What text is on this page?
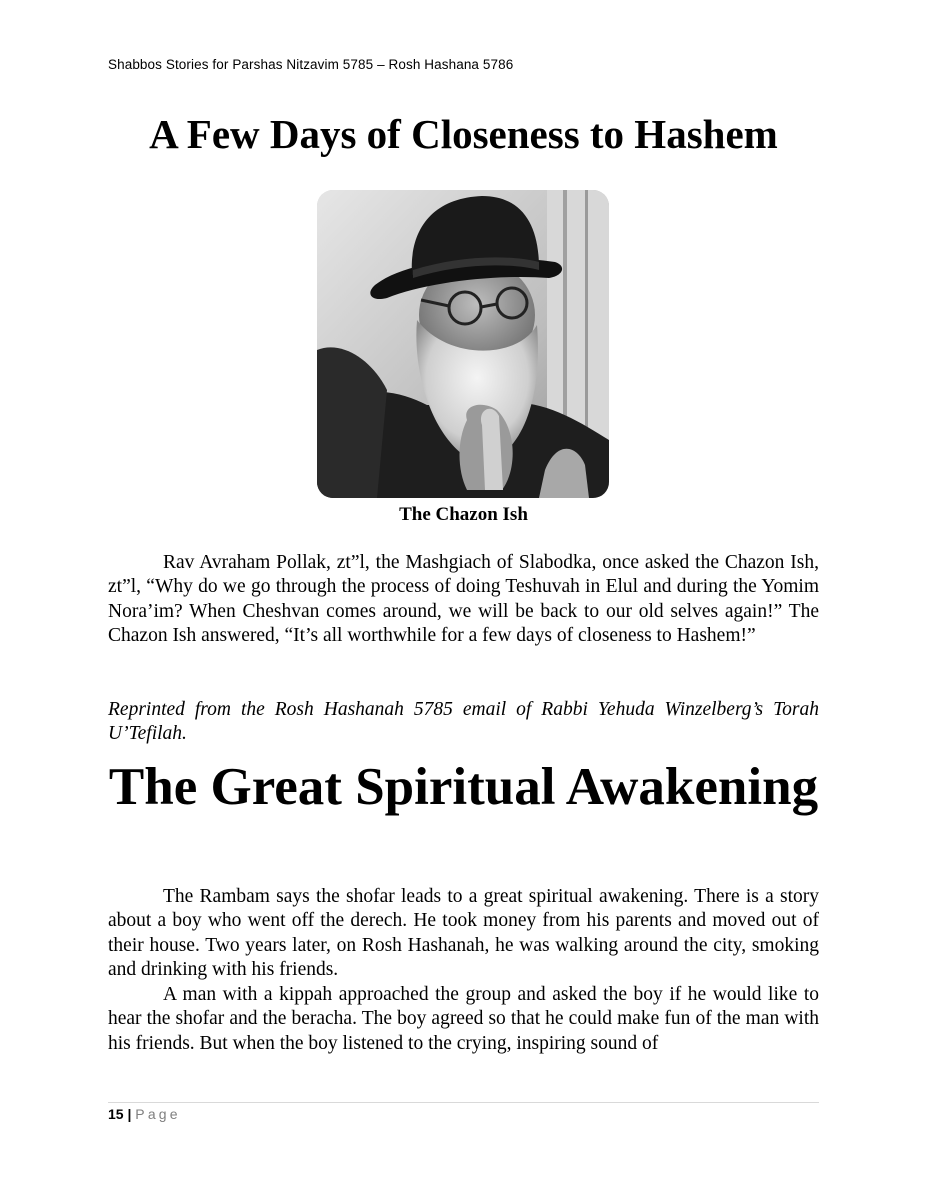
Shabbos Stories for Parshas Nitzavim 5785 – Rosh Hashana 5786
A Few Days of Closeness to Hashem
The Chazon Ish

Rav Avraham Pollak, zt”l, the Mashgiach of Slabodka, once asked the Chazon Ish, zt”l, “Why do we go through the process of doing Teshuvah in Elul and during the Yomim Nora’im? When Cheshvan comes around, we will be back to our old selves again!” The Chazon Ish answered, “It’s all worthwhile for a few days of closeness to Hashem!”

Reprinted from the Rosh Hashanah 5785 email of Rabbi Yehuda Winzelberg’s Torah U’Tefilah.

The Great Spiritual Awakening

The Rambam says the shofar leads to a great spiritual awakening. There is a story about a boy who went off the derech. He took money from his parents and moved out of their house. Two years later, on Rosh Hashanah, he was walking around the city, smoking and drinking with his friends.

A man with a kippah approached the group and asked the boy if he would like to hear the shofar and the beracha. The boy agreed so that he could make fun of the man with his friends. But when the boy listened to the crying, inspiring sound of

15 | Page
